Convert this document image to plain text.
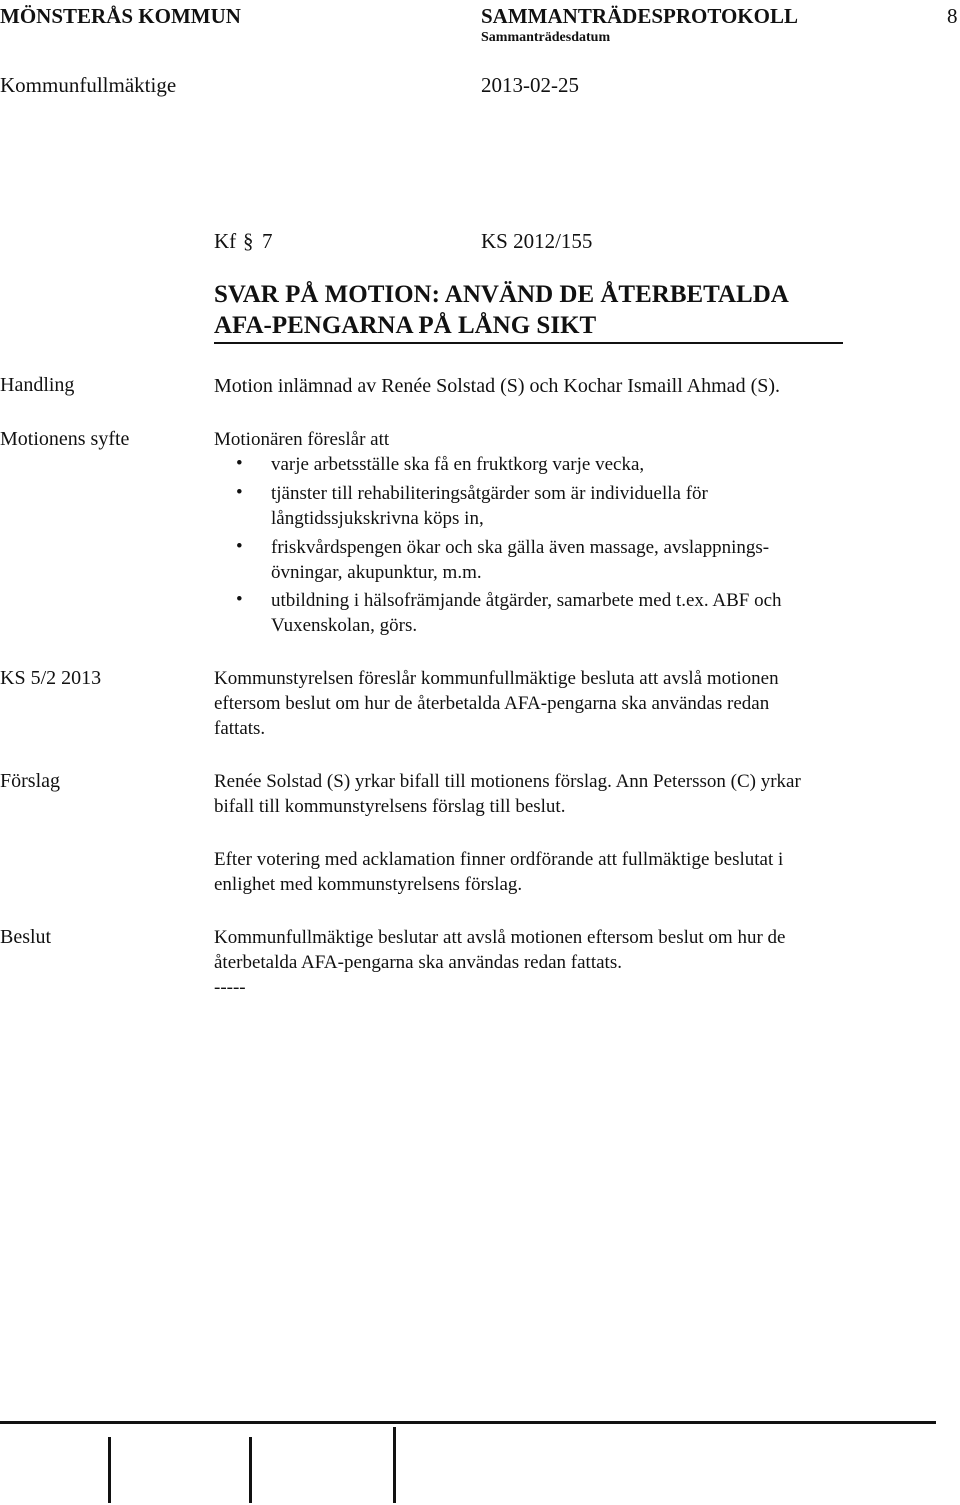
MÖNSTERÅS KOMMUN	SAMMANTRÄDESPROTOKOLL	8
Sammanträdesdatum
Kommunfullmäktige	2013-02-25
Kf § 7	KS 2012/155
SVAR PÅ MOTION: ANVÄND DE ÅTERBETALDA
AFA-PENGARNA PÅ LÅNG SIKT
Handling	Motion inlämnad av Renée Solstad (S) och Kochar Ismaill Ahmad (S).
Motionens syfte	Motionären föreslår att
• varje arbetsställe ska få en fruktkorg varje vecka,
• tjänster till rehabiliteringsåtgärder som är individuella för
långtidssjukskrivna köps in,
• friskvårdspengen ökar och ska gälla även massage, avslappnings-
övningar, akupunktur, m.m.
• utbildning i hälsofrämjande åtgärder, samarbete med t.ex. ABF och
Vuxenskolan, görs.
KS 5/2 2013	Kommunstyrelsen föreslår kommunfullmäktige besluta att avslå motionen
eftersom beslut om hur de återbetalda AFA-pengarna ska användas redan
fattats.
Förslag	Renée Solstad (S) yrkar bifall till motionens förslag. Ann Petersson (C) yrkar
bifall till kommunstyrelsens förslag till beslut.
Efter votering med acklamation finner ordförande att fullmäktige beslutat i
enlighet med kommunstyrelsens förslag.
Beslut	Kommunfullmäktige beslutar att avslå motionen eftersom beslut om hur de
återbetalda AFA-pengarna ska användas redan fattats.
-----
